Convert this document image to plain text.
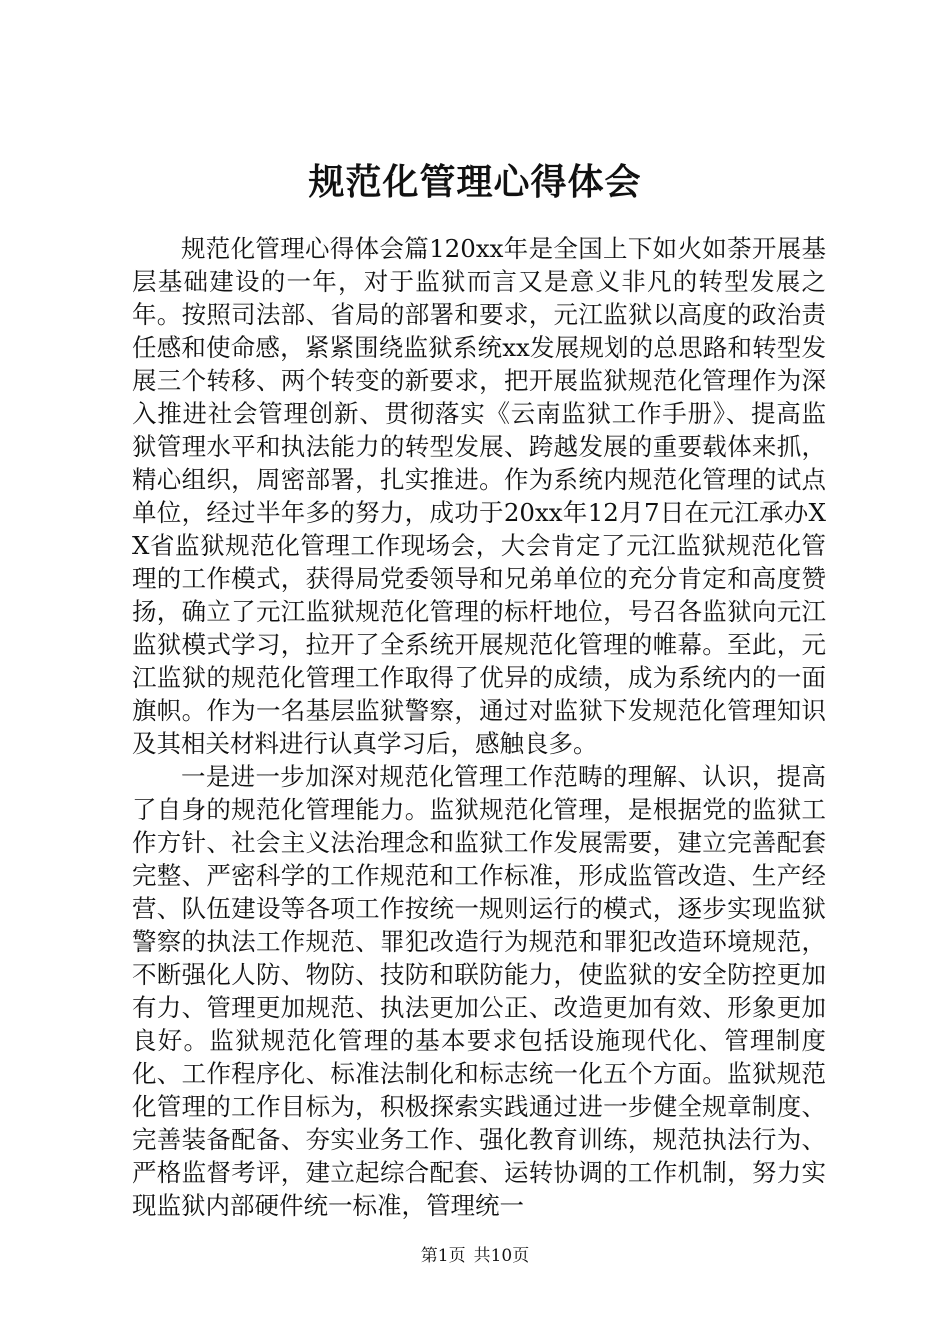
规范化管理心得体会

规范化管理心得体会篇120xx年是全国上下如火如荼开展基层基础建设的一年，对于监狱而言又是意义非凡的转型发展之年。按照司法部、省局的部署和要求，元江监狱以高度的政治责任感和使命感，紧紧围绕监狱系统xx发展规划的总思路和转型发展三个转移、两个转变的新要求，把开展监狱规范化管理作为深入推进社会管理创新、贯彻落实《云南监狱工作手册》、提高监狱管理水平和执法能力的转型发展、跨越发展的重要载体来抓，精心组织，周密部署，扎实推进。作为系统内规范化管理的试点单位，经过半年多的努力，成功于20xx年12月7日在元江承办XX省监狱规范化管理工作现场会，大会肯定了元江监狱规范化管理的工作模式，获得局党委领导和兄弟单位的充分肯定和高度赞扬，确立了元江监狱规范化管理的标杆地位，号召各监狱向元江监狱模式学习，拉开了全系统开展规范化管理的帷幕。至此，元江监狱的规范化管理工作取得了优异的成绩，成为系统内的一面旗帜。作为一名基层监狱警察，通过对监狱下发规范化管理知识及其相关材料进行认真学习后，感触良多。

一是进一步加深对规范化管理工作范畴的理解、认识，提高了自身的规范化管理能力。监狱规范化管理，是根据党的监狱工作方针、社会主义法治理念和监狱工作发展需要，建立完善配套完整、严密科学的工作规范和工作标准，形成监管改造、生产经营、队伍建设等各项工作按统一规则运行的模式，逐步实现监狱警察的执法工作规范、罪犯改造行为规范和罪犯改造环境规范，不断强化人防、物防、技防和联防能力，使监狱的安全防控更加有力、管理更加规范、执法更加公正、改造更加有效、形象更加良好。监狱规范化管理的基本要求包括设施现代化、管理制度化、工作程序化、标准法制化和标志统一化五个方面。监狱规范化管理的工作目标为，积极探索实践通过进一步健全规章制度、完善装备配备、夯实业务工作、强化教育训练，规范执法行为、严格监督考评，建立起综合配套、运转协调的工作机制，努力实现监狱内部硬件统一标准，管理统一

第1页 共10页
